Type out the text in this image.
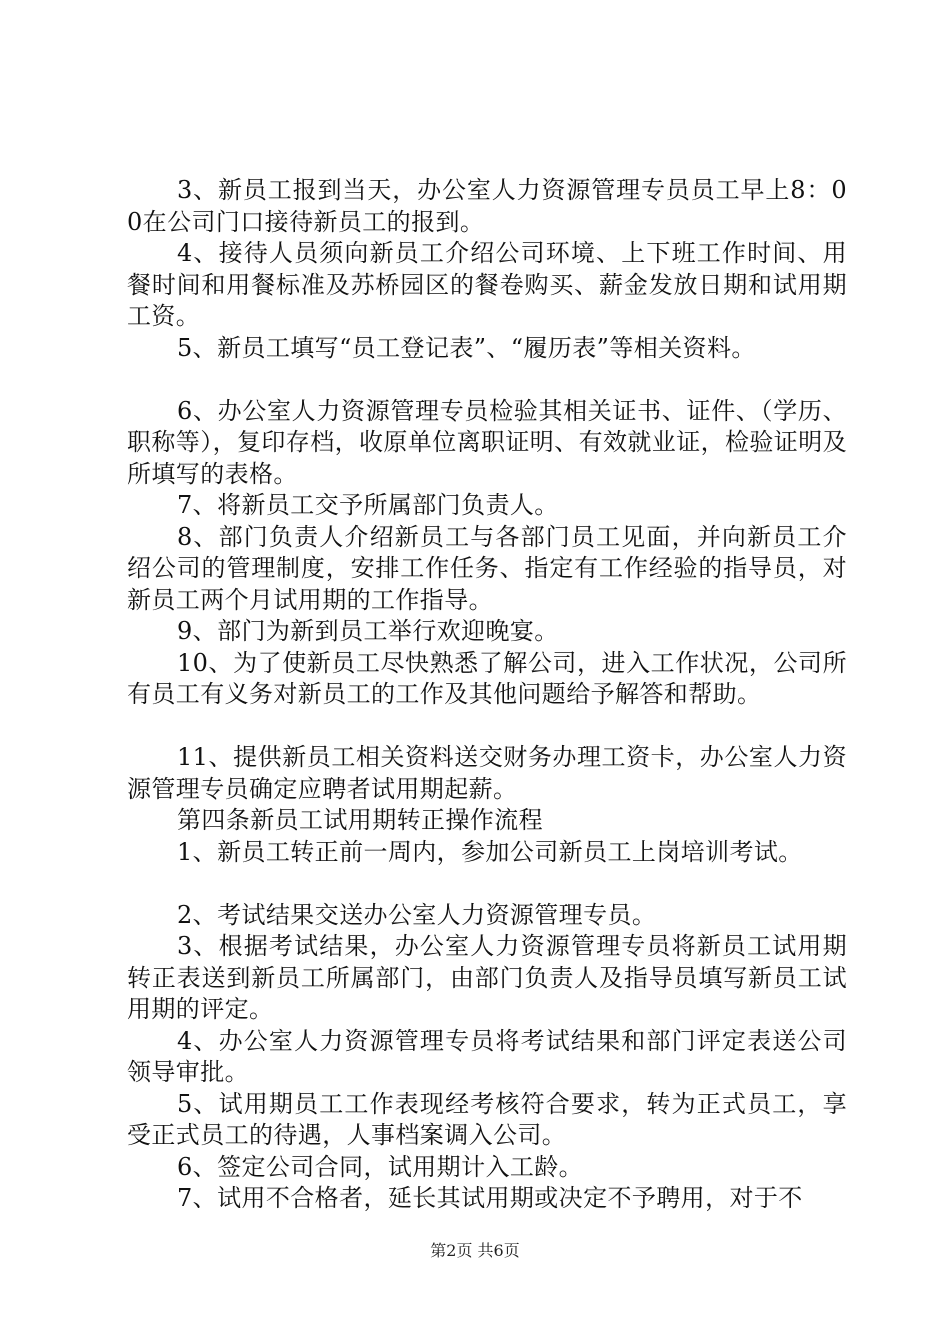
3、新员工报到当天，办公室人力资源管理专员员工早上8：00在公司门口接待新员工的报到。

4、接待人员须向新员工介绍公司环境、上下班工作时间、用餐时间和用餐标准及苏桥园区的餐卷购买、薪金发放日期和试用期工资。

5、新员工填写“员工登记表”、“履历表”等相关资料。

6、办公室人力资源管理专员检验其相关证书、证件、（学历、职称等），复印存档，收原单位离职证明、有效就业证，检验证明及所填写的表格。

7、将新员工交予所属部门负责人。

8、部门负责人介绍新员工与各部门员工见面，并向新员工介绍公司的管理制度，安排工作任务、指定有工作经验的指导员，对新员工两个月试用期的工作指导。

9、部门为新到员工举行欢迎晚宴。

10、为了使新员工尽快熟悉了解公司，进入工作状况，公司所有员工有义务对新员工的工作及其他问题给予解答和帮助。

11、提供新员工相关资料送交财务办理工资卡，办公室人力资源管理专员确定应聘者试用期起薪。

第四条新员工试用期转正操作流程

1、新员工转正前一周内，参加公司新员工上岗培训考试。

2、考试结果交送办公室人力资源管理专员。

3、根据考试结果，办公室人力资源管理专员将新员工试用期转正表送到新员工所属部门，由部门负责人及指导员填写新员工试用期的评定。

4、办公室人力资源管理专员将考试结果和部门评定表送公司领导审批。

5、试用期员工工作表现经考核符合要求，转为正式员工，享受正式员工的待遇，人事档案调入公司。

6、签定公司合同，试用期计入工龄。

7、试用不合格者，延长其试用期或决定不予聘用，对于不

第2页 共6页
